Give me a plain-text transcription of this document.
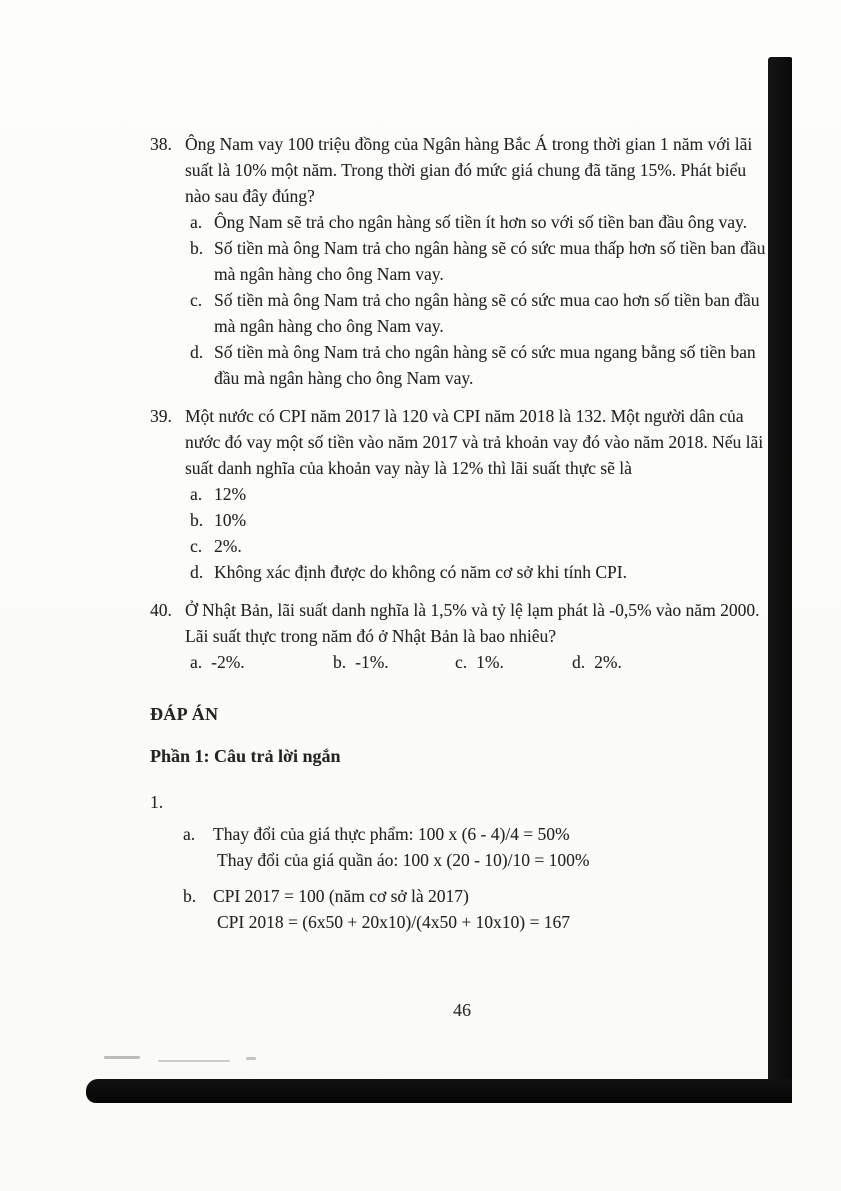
38. Ông Nam vay 100 triệu đồng của Ngân hàng Bắc Á trong thời gian 1 năm với lãi suất là 10% một năm. Trong thời gian đó mức giá chung đã tăng 15%. Phát biểu nào sau đây đúng?
a. Ông Nam sẽ trả cho ngân hàng số tiền ít hơn so với số tiền ban đầu ông vay.
b. Số tiền mà ông Nam trả cho ngân hàng sẽ có sức mua thấp hơn số tiền ban đầu mà ngân hàng cho ông Nam vay.
c. Số tiền mà ông Nam trả cho ngân hàng sẽ có sức mua cao hơn số tiền ban đầu mà ngân hàng cho ông Nam vay.
d. Số tiền mà ông Nam trả cho ngân hàng sẽ có sức mua ngang bằng số tiền ban đầu mà ngân hàng cho ông Nam vay.
39. Một nước có CPI năm 2017 là 120 và CPI năm 2018 là 132. Một người dân của nước đó vay một số tiền vào năm 2017 và trả khoản vay đó vào năm 2018. Nếu lãi suất danh nghĩa của khoản vay này là 12% thì lãi suất thực sẽ là
a. 12%
b. 10%
c. 2%.
d. Không xác định được do không có năm cơ sở khi tính CPI.
40. Ở Nhật Bản, lãi suất danh nghĩa là 1,5% và tỷ lệ lạm phát là -0,5% vào năm 2000. Lãi suất thực trong năm đó ở Nhật Bản là bao nhiêu?
a. -2%.	b. -1%.	c. 1%.	d. 2%.
ĐÁP ÁN
Phần 1: Câu trả lời ngắn
1.
a.	Thay đổi của giá thực phẩm: 100 x (6 - 4)/4 = 50%
Thay đổi của giá quần áo: 100 x (20 - 10)/10 = 100%
b. CPI 2017 = 100 (năm cơ sở là 2017)
CPI 2018 = (6x50 + 20x10)/(4x50 + 10x10) = 167
46
